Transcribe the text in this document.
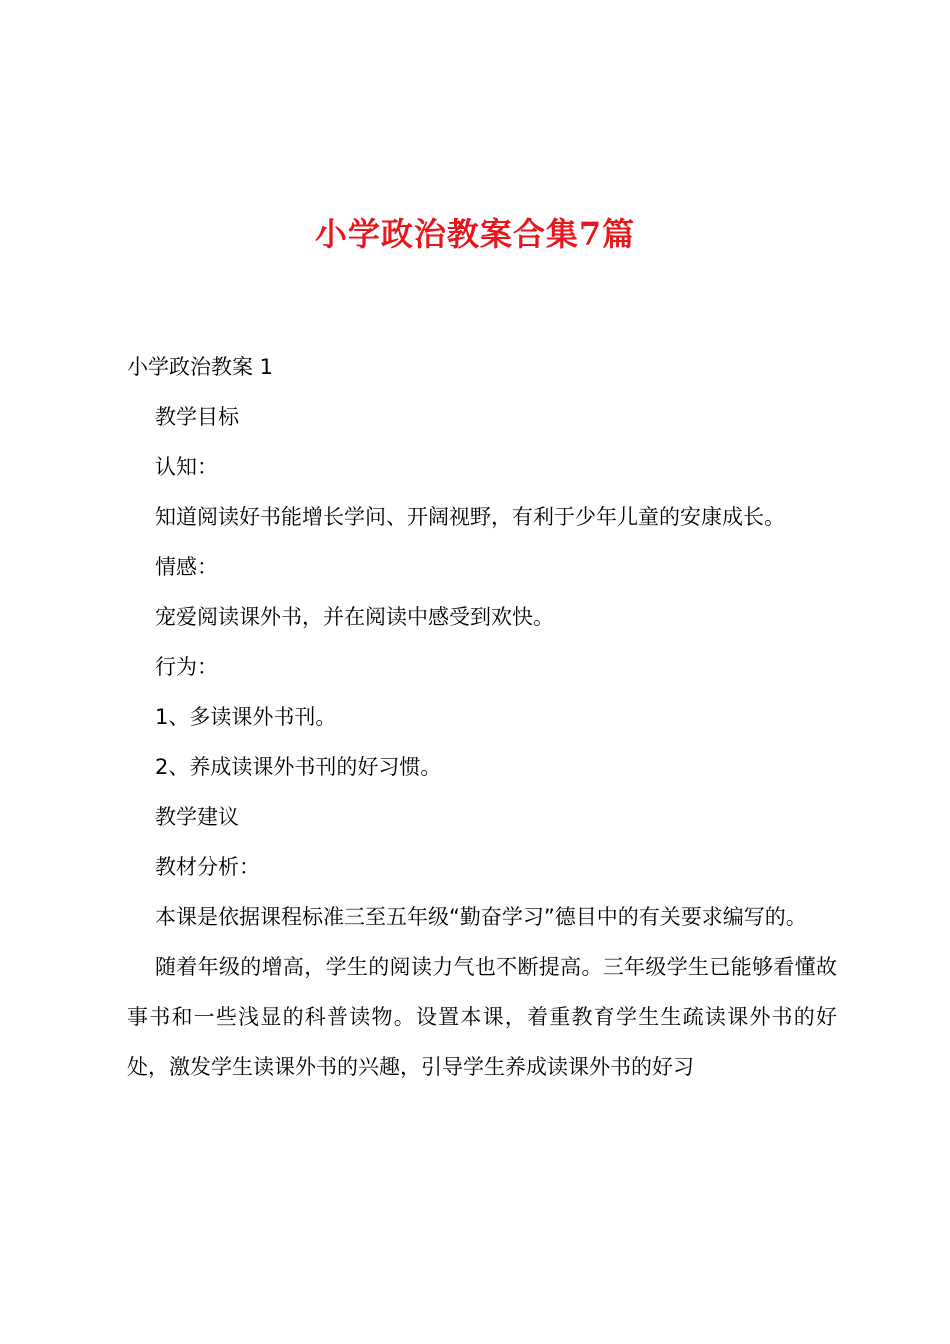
小学政治教案合集7篇

小学政治教案 1

教学目标

认知：

知道阅读好书能增长学问、开阔视野，有利于少年儿童的安康成长。

情感：

宠爱阅读课外书，并在阅读中感受到欢快。

行为：

1、多读课外书刊。

2、养成读课外书刊的好习惯。

教学建议

教材分析：

本课是依据课程标准三至五年级“勤奋学习”德目中的有关要求编写的。

随着年级的增高，学生的阅读力气也不断提高。三年级学生已能够看懂故事书和一些浅显的科普读物。设置本课，着重教育学生生疏读课外书的好处，激发学生读课外书的兴趣，引导学生养成读课外书的好习
